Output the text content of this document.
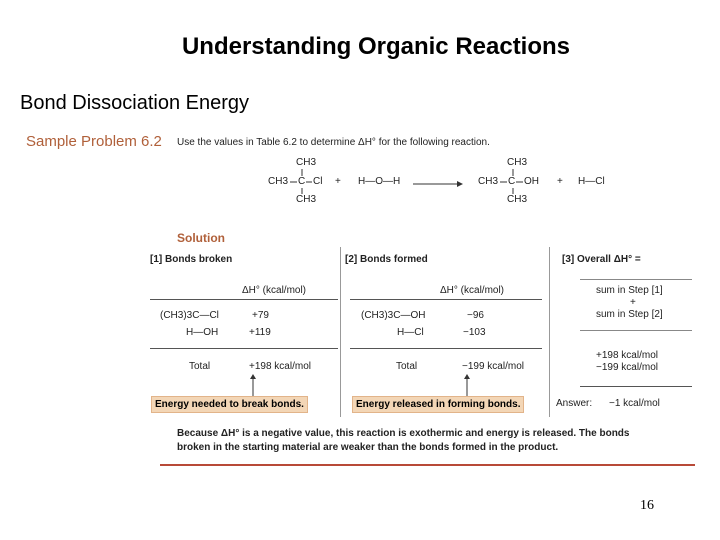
Understanding Organic Reactions
Bond Dissociation Energy
Sample Problem 6.2 Use the values in Table 6.2 to determine ΔH° for the following reaction.
CH3
CH3 C Cl
CH3
+ H—O—H →
CH3
CH3 C OH
CH3
+ H—Cl
Solution
[1] Bonds broken
ΔH° (kcal/mol)
(CH3)3C—Cl	+79
H—OH	+119
Total	+198 kcal/mol
Energy needed to break bonds.
[2] Bonds formed
ΔH° (kcal/mol)
(CH3)3C—OH	−96
H—Cl	−103
Total	−199 kcal/mol
Energy released in forming bonds.
[3] Overall ΔH° =
sum in Step [1]
+
sum in Step [2]
+198 kcal/mol
−199 kcal/mol
Answer: −1 kcal/mol
Because ΔH° is a negative value, this reaction is exothermic and energy is released. The bonds
broken in the starting material are weaker than the bonds formed in the product.
16
